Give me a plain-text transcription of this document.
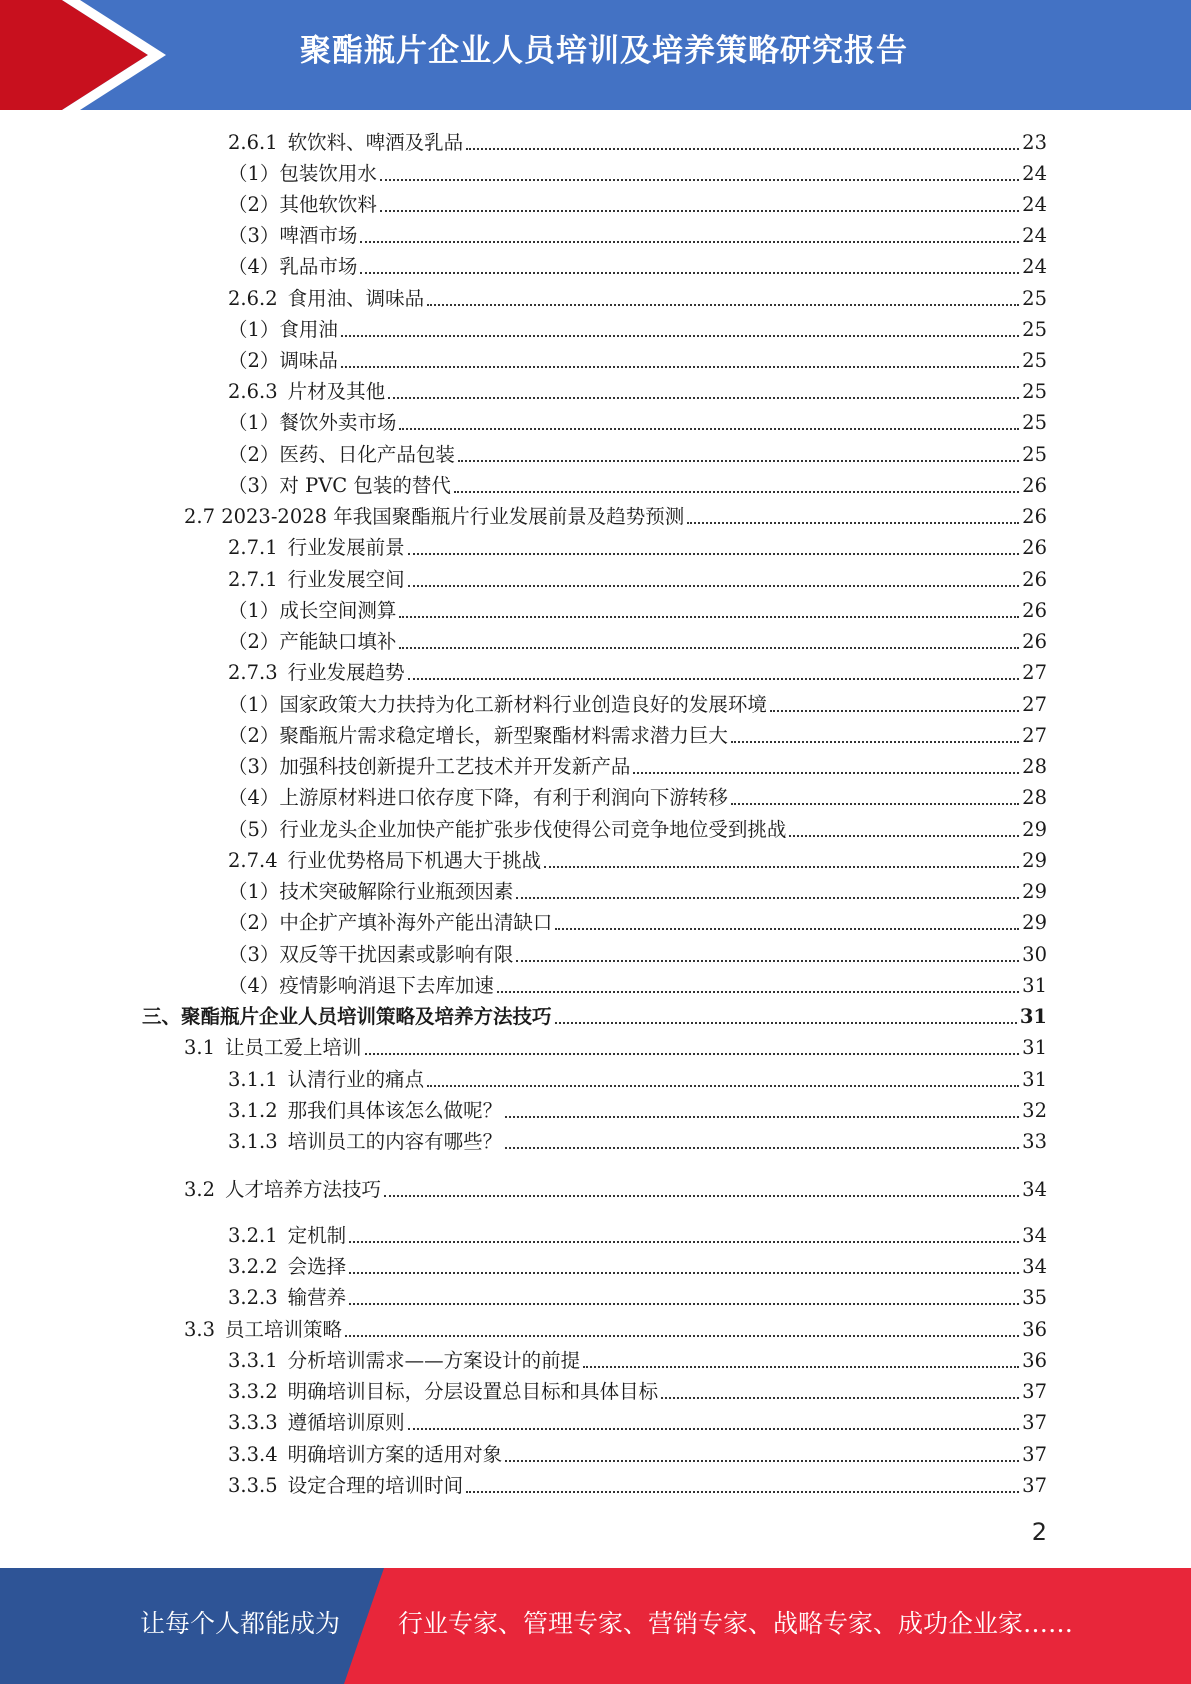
聚酯瓶片企业人员培训及培养策略研究报告
2.6.1 软饮料、啤酒及乳品	23
（1）包装饮用水	24
（2）其他软饮料	24
（3）啤酒市场	24
（4）乳品市场	24
2.6.2 食用油、调味品	25
（1）食用油	25
（2）调味品	25
2.6.3 片材及其他	25
（1）餐饮外卖市场	25
（2）医药、日化产品包装	25
（3）对 PVC 包装的替代	26
2.7 2023-2028 年我国聚酯瓶片行业发展前景及趋势预测	26
2.7.1 行业发展前景	26
2.7.1 行业发展空间	26
（1）成长空间测算	26
（2）产能缺口填补	26
2.7.3 行业发展趋势	27
（1）国家政策大力扶持为化工新材料行业创造良好的发展环境	27
（2）聚酯瓶片需求稳定增长，新型聚酯材料需求潜力巨大	27
（3）加强科技创新提升工艺技术并开发新产品	28
（4）上游原材料进口依存度下降，有利于利润向下游转移	28
（5）行业龙头企业加快产能扩张步伐使得公司竞争地位受到挑战	29
2.7.4 行业优势格局下机遇大于挑战	29
（1）技术突破解除行业瓶颈因素	29
（2）中企扩产填补海外产能出清缺口	29
（3）双反等干扰因素或影响有限	30
（4）疫情影响消退下去库加速	31
三、聚酯瓶片企业人员培训策略及培养方法技巧	31
3.1 让员工爱上培训	31
3.1.1 认清行业的痛点	31
3.1.2 那我们具体该怎么做呢？	32
3.1.3 培训员工的内容有哪些？	33
3.2 人才培养方法技巧	34
3.2.1 定机制	34
3.2.2 会选择	34
3.2.3 输营养	35
3.3 员工培训策略	36
3.3.1 分析培训需求——方案设计的前提	36
3.3.2 明确培训目标，分层设置总目标和具体目标	37
3.3.3 遵循培训原则	37
3.3.4 明确培训方案的适用对象	37
3.3.5 设定合理的培训时间	37
2
让每个人都能成为 行业专家、管理专家、营销专家、战略专家、成功企业家……
